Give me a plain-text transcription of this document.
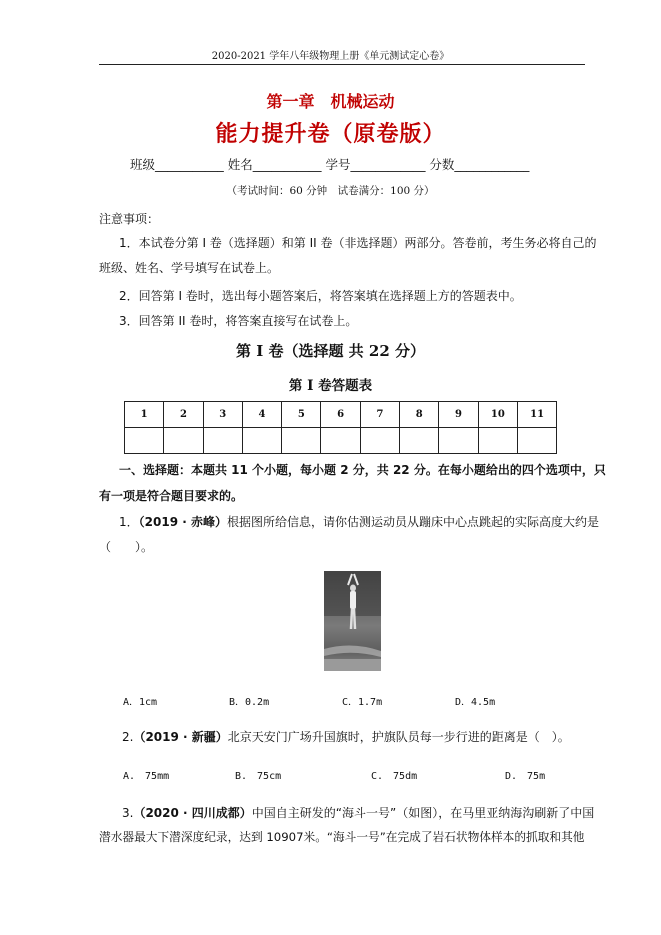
2020-2021 学年八年级物理上册《单元测试定心卷》
第一章　机械运动
能力提升卷（原卷版）
班级___________ 姓名___________ 学号____________ 分数____________
（考试时间：60 分钟　试卷满分：100 分）
注意事项：
1．本试卷分第 I 卷（选择题）和第 II 卷（非选择题）两部分。答卷前，考生务必将自己的
班级、姓名、学号填写在试卷上。
2．回答第 I 卷时，选出每小题答案后，将答案填在选择题上方的答题表中。
3．回答第 II 卷时，将答案直接写在试卷上。
第 I 卷（选择题 共 22 分）
第 I 卷答题表
1	2	3	4	5	6	7	8	9	10	11

一、选择题：本题共 11 个小题，每小题 2 分，共 22 分。在每小题给出的四个选项中，只
有一项是符合题目要求的。
1．（2019 · 赤峰）根据图所给信息，请你估测运动员从蹦床中心点跳起的实际高度大约是
（　　）。
A．1cm	B．0.2m	C．1.7m	D．4.5m
2.（2019 · 新疆）北京天安门广场升国旗时，护旗队员每一步行进的距离是（　）。
A.　75mm	B.　75cm	C.　75dm	D.　75m
3.（2020 · 四川成都）中国自主研发的“海斗一号”（如图），在马里亚纳海沟刷新了中国
潜水器最大下潜深度纪录，达到 10907米。“海斗一号”在完成了岩石状物体样本的抓取和其他
